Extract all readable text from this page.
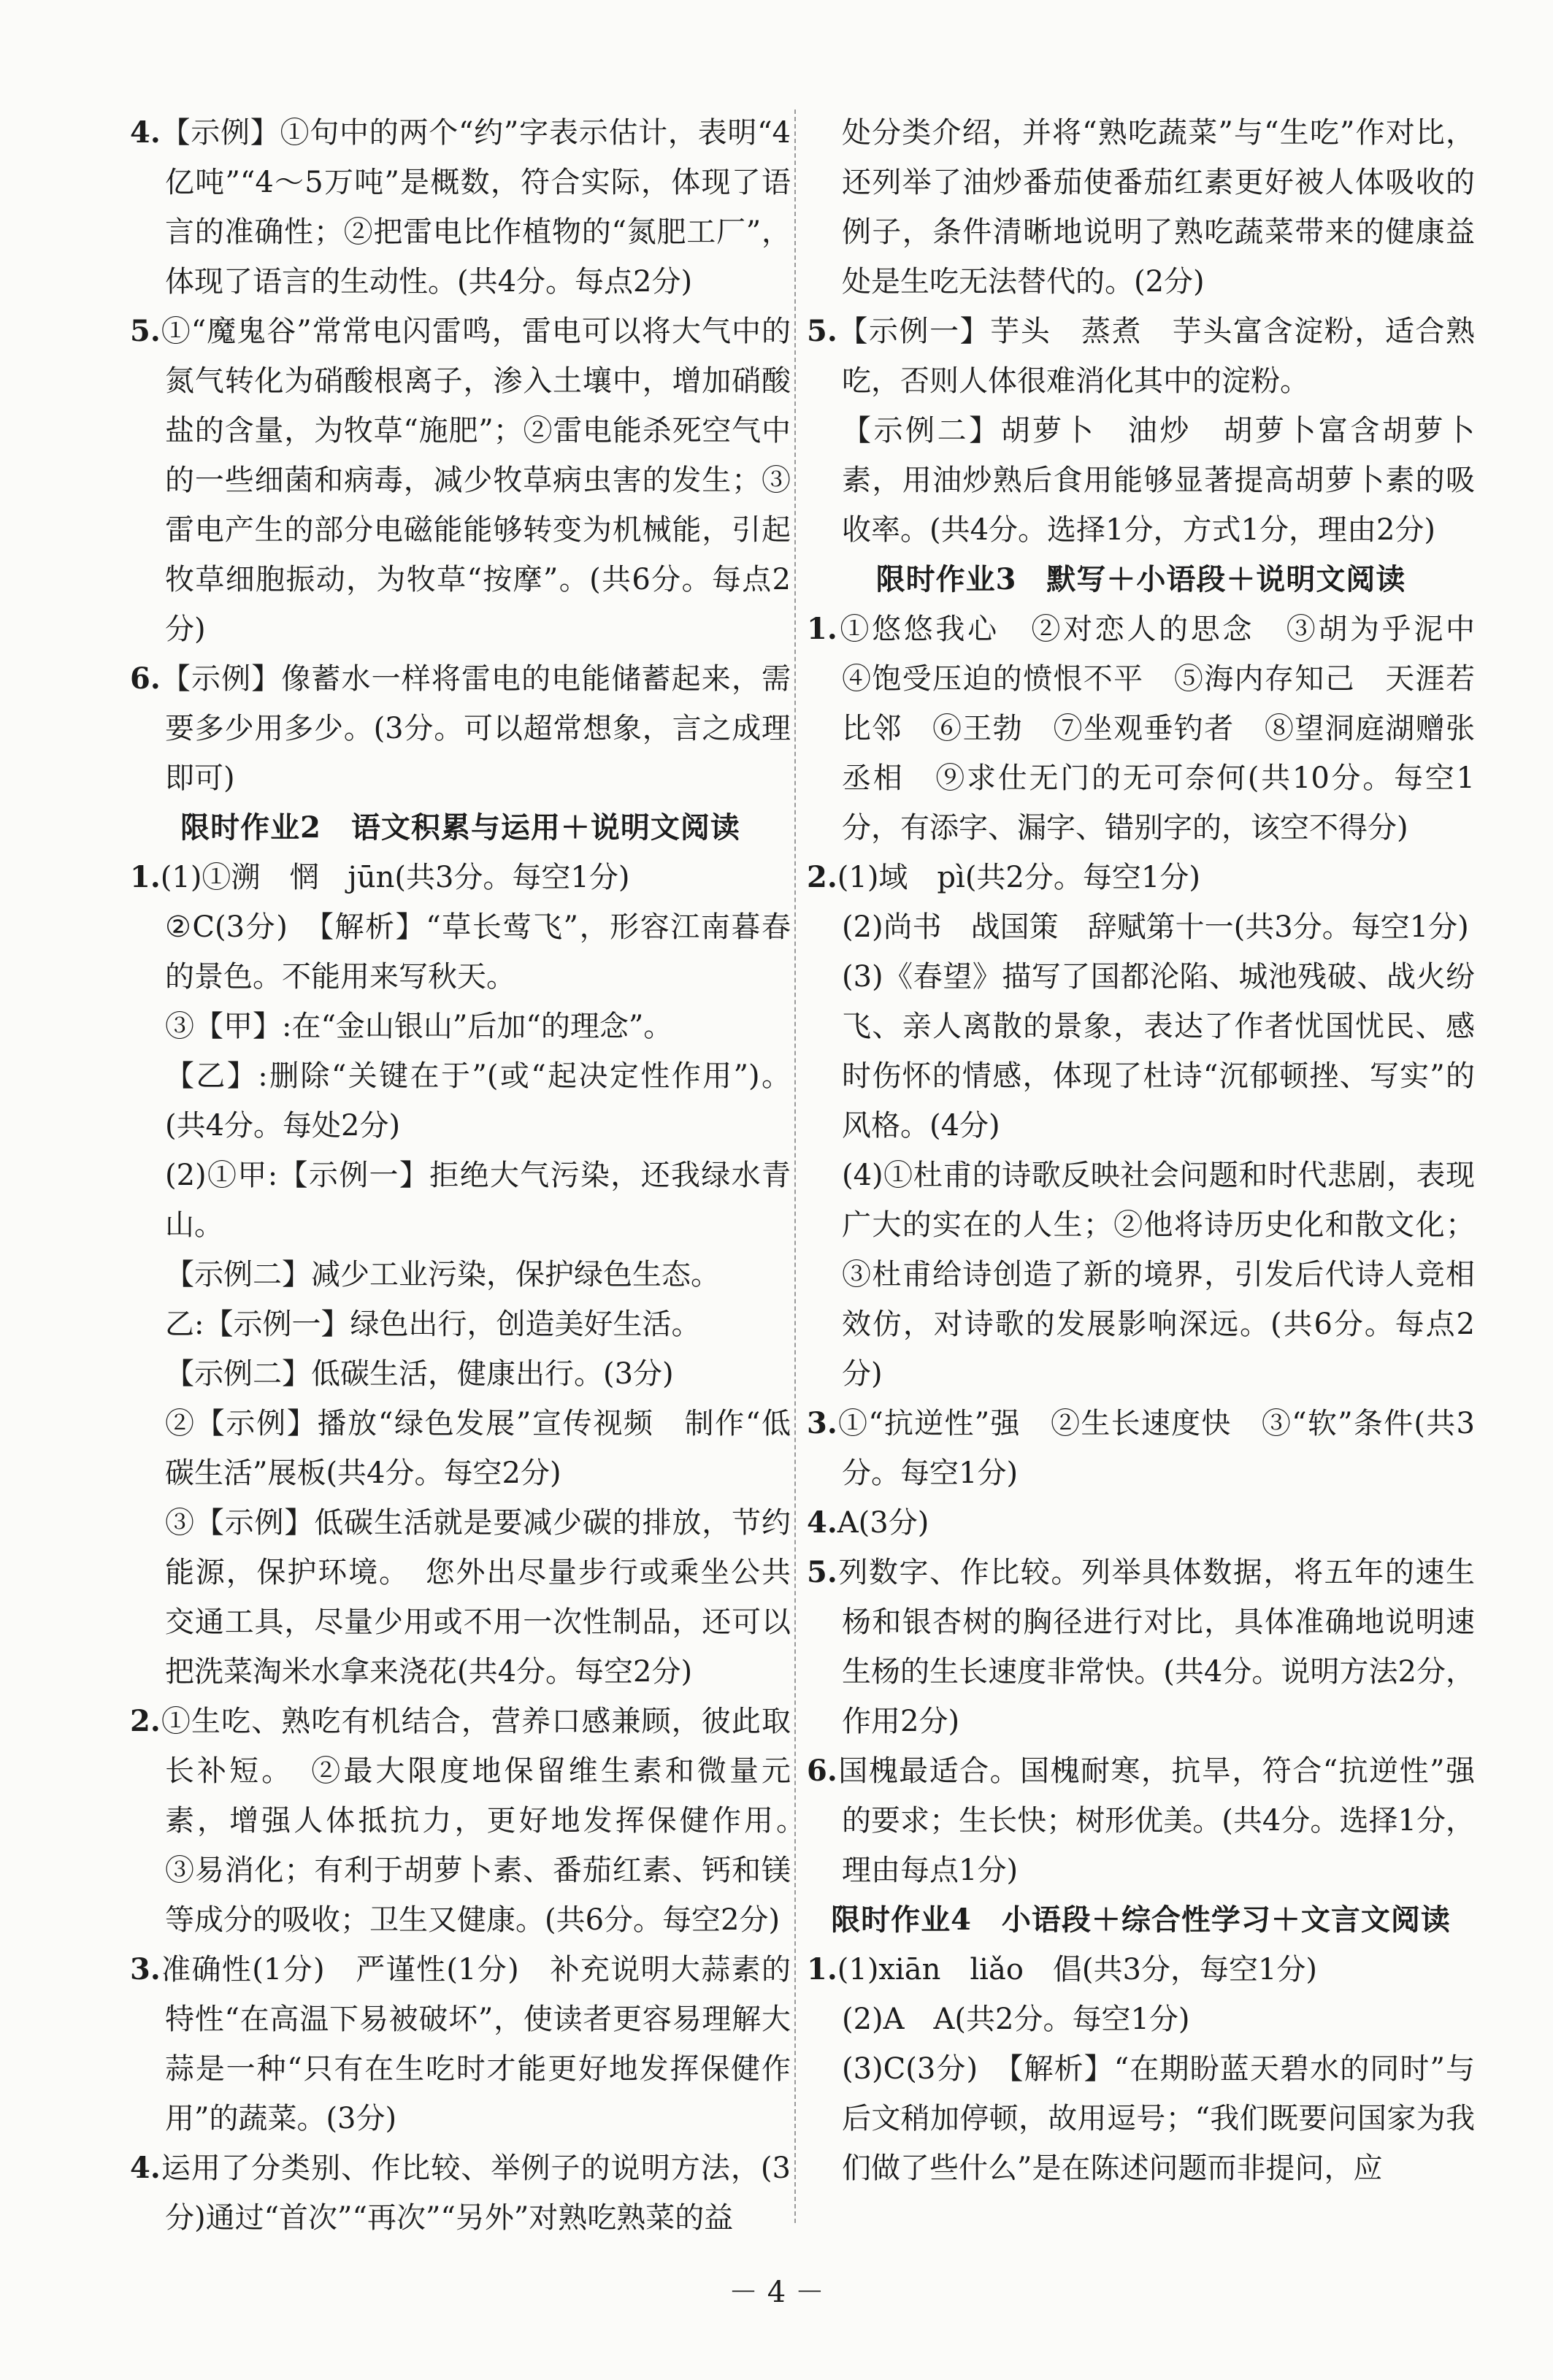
4.【示例】①句中的两个“约”字表示估计，表明“4亿吨”“4～5万吨”是概数，符合实际，体现了语言的准确性；②把雷电比作植物的“氮肥工厂”，体现了语言的生动性。(共4分。每点2分)

5.①“魔鬼谷”常常电闪雷鸣，雷电可以将大气中的氮气转化为硝酸根离子，渗入土壤中，增加硝酸盐的含量，为牧草“施肥”；②雷电能杀死空气中的一些细菌和病毒，减少牧草病虫害的发生；③雷电产生的部分电磁能能够转变为机械能，引起牧草细胞振动，为牧草“按摩”。(共6分。每点2分)

6.【示例】像蓄水一样将雷电的电能储蓄起来，需要多少用多少。(3分。可以超常想象，言之成理即可)

限时作业2　语文积累与运用＋说明文阅读

1.(1)①溯　惘　jūn(共3分。每空1分)

②C(3分)　【解析】“草长莺飞”，形容江南暮春的景色。不能用来写秋天。

③【甲】:在“金山银山”后加“的理念”。

【乙】:删除“关键在于”(或“起决定性作用”)。(共4分。每处2分)

(2)①甲:【示例一】拒绝大气污染，还我绿水青山。

【示例二】减少工业污染，保护绿色生态。

乙:【示例一】绿色出行，创造美好生活。

【示例二】低碳生活，健康出行。(3分)

②【示例】播放“绿色发展”宣传视频　制作“低碳生活”展板(共4分。每空2分)

③【示例】低碳生活就是要减少碳的排放，节约能源，保护环境。　您外出尽量步行或乘坐公共交通工具，尽量少用或不用一次性制品，还可以把洗菜淘米水拿来浇花(共4分。每空2分)

2.①生吃、熟吃有机结合，营养口感兼顾，彼此取长补短。　②最大限度地保留维生素和微量元素，增强人体抵抗力，更好地发挥保健作用。　③易消化；有利于胡萝卜素、番茄红素、钙和镁等成分的吸收；卫生又健康。(共6分。每空2分)

3.准确性(1分)　严谨性(1分)　补充说明大蒜素的特性“在高温下易被破坏”，使读者更容易理解大蒜是一种“只有在生吃时才能更好地发挥保健作用”的蔬菜。(3分)

4.运用了分类别、作比较、举例子的说明方法，(3分)通过“首次”“再次”“另外”对熟吃熟菜的益

处分类介绍，并将“熟吃蔬菜”与“生吃”作对比，还列举了油炒番茄使番茄红素更好被人体吸收的例子，条件清晰地说明了熟吃蔬菜带来的健康益处是生吃无法替代的。(2分)

5.【示例一】芋头　蒸煮　芋头富含淀粉，适合熟吃，否则人体很难消化其中的淀粉。

【示例二】胡萝卜　油炒　胡萝卜富含胡萝卜素，用油炒熟后食用能够显著提高胡萝卜素的吸收率。(共4分。选择1分，方式1分，理由2分)

限时作业3　默写＋小语段＋说明文阅读

1.①悠悠我心　②对恋人的思念　③胡为乎泥中　④饱受压迫的愤恨不平　⑤海内存知己　天涯若比邻　⑥王勃　⑦坐观垂钓者　⑧望洞庭湖赠张丞相　⑨求仕无门的无可奈何(共10分。每空1分，有添字、漏字、错别字的，该空不得分)

2.(1)域　pì(共2分。每空1分)

(2)尚书　战国策　辞赋第十一(共3分。每空1分)

(3)《春望》描写了国都沦陷、城池残破、战火纷飞、亲人离散的景象，表达了作者忧国忧民、感时伤怀的情感，体现了杜诗“沉郁顿挫、写实”的风格。(4分)

(4)①杜甫的诗歌反映社会问题和时代悲剧，表现广大的实在的人生；②他将诗历史化和散文化；③杜甫给诗创造了新的境界，引发后代诗人竞相效仿，对诗歌的发展影响深远。(共6分。每点2分)

3.①“抗逆性”强　②生长速度快　③“软”条件(共3分。每空1分)

4.A(3分)

5.列数字、作比较。列举具体数据，将五年的速生杨和银杏树的胸径进行对比，具体准确地说明速生杨的生长速度非常快。(共4分。说明方法2分，作用2分)

6.国槐最适合。国槐耐寒，抗旱，符合“抗逆性”强的要求；生长快；树形优美。(共4分。选择1分，理由每点1分)

限时作业4　小语段＋综合性学习＋文言文阅读

1.(1)xiān　liǎo　倡(共3分，每空1分)

(2)A　A(共2分。每空1分)

(3)C(3分)　【解析】“在期盼蓝天碧水的同时”与后文稍加停顿，故用逗号；“我们既要问国家为我们做了些什么”是在陈述问题而非提问，应

－ 4 －
